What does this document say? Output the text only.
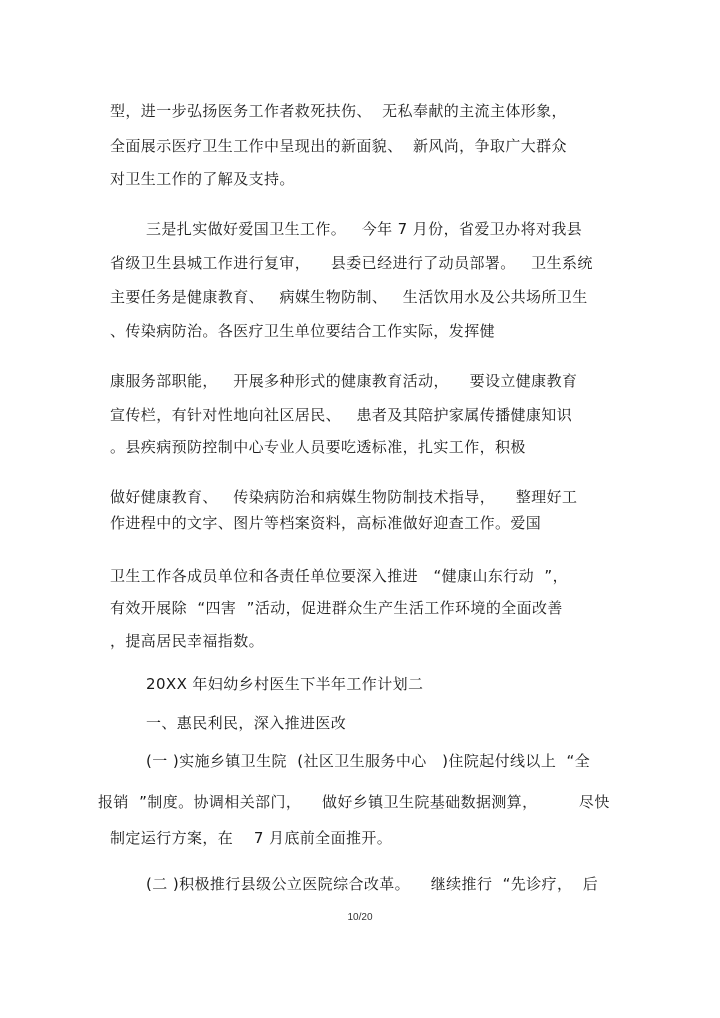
型，进一步弘扬医务工作者救死扶伤、  无私奉献的主流主体形象，
全面展示医疗卫生工作中呈现出的新面貌、  新风尚，争取广大群众
对卫生工作的了解及支持。
三是扎实做好爱国卫生工作。   今年 7 月份，省爱卫办将对我县
省级卫生县城工作进行复审，    县委已经进行了动员部署。   卫生系统
主要任务是健康教育、   病媒生物防制、   生活饮用水及公共场所卫生
、传染病防治。各医疗卫生单位要结合工作实际，发挥健
康服务部职能，   开展多种形式的健康教育活动，    要设立健康教育
宣传栏，有针对性地向社区居民、   患者及其陪护家属传播健康知识
。县疾病预防控制中心专业人员要吃透标准，扎实工作，积极
做好健康教育、   传染病防治和病媒生物防制技术指导，    整理好工
作进程中的文字、图片等档案资料，高标准做好迎查工作。爱国
卫生工作各成员单位和各责任单位要深入推进   “健康山东行动  ”，
有效开展除  “四害  ”活动，促进群众生产生活工作环境的全面改善
，提高居民幸福指数。
20XX 年妇幼乡村医生下半年工作计划二
一、惠民利民，深入推进医改
(一 )实施乡镇卫生院  (社区卫生服务中心   )住院起付线以上  “全
报销  ”制度。协调相关部门，    做好乡镇卫生院基础数据测算，        尽快
制定运行方案，在    7 月底前全面推开。
(二 )积极推行县级公立医院综合改革。    继续推行  “先诊疗，  后
10/20
